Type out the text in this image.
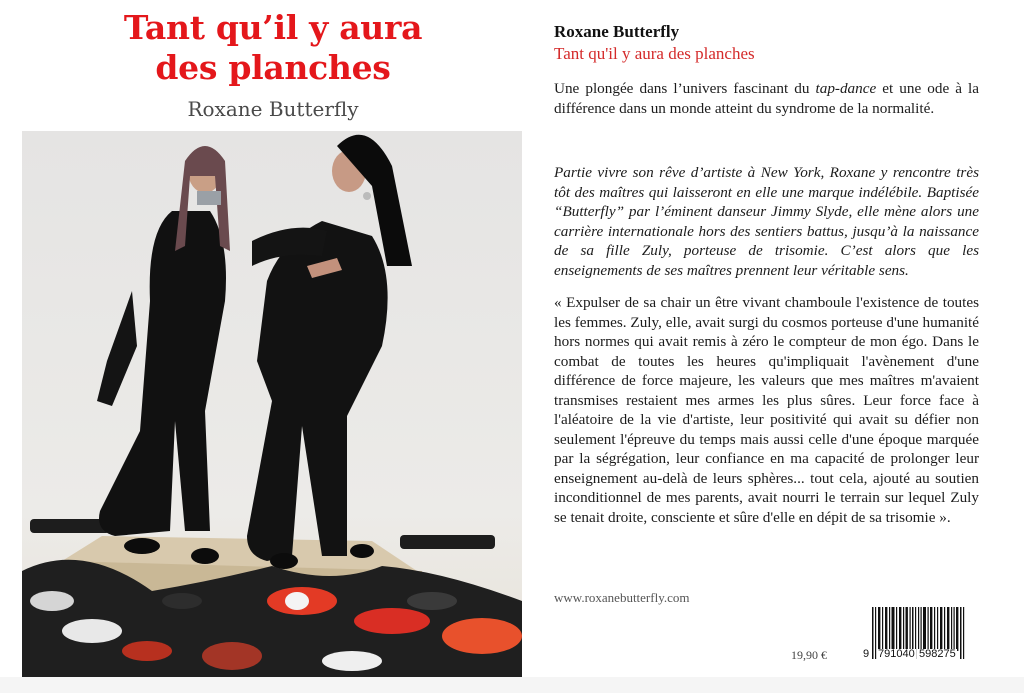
Tant qu’il y aura
des planches
Roxane Butterfly
Roxane Butterfly
Tant qu'il y aura des planches

Une plongée dans l’univers fascinant du tap-dance et une ode à la différence dans un monde atteint du syndrome de la normalité.

Partie vivre son rêve d’artiste à New York, Roxane y rencontre très tôt des maîtres qui laisseront en elle une marque indélébile. Baptisée “Butterfly” par l’éminent danseur Jimmy Slyde, elle mène alors une carrière internationale hors des sentiers battus, jusqu’à la naissance de sa fille Zuly, porteuse de trisomie. C’est alors que les enseignements de ses maîtres prennent leur véritable sens.

« Expulser de sa chair un être vivant chamboule l'existence de toutes les femmes. Zuly, elle, avait surgi du cosmos porteuse d'une humanité hors normes qui avait remis à zéro le compteur de mon égo. Dans le combat de toutes les heures qu'impliquait l'avènement d'une différence de force majeure, les valeurs que mes maîtres m'avaient transmises restaient mes armes les plus sûres. Leur force face à l'aléatoire de la vie d'artiste, leur positivité qui avait su défier non seulement l'épreuve du temps mais aussi celle d'une époque marquée par la ségrégation, leur confiance en ma capacité de prolonger leur enseignement au-delà de leurs sphères... tout cela, ajouté au soutien inconditionnel de mes parents, avait nourri le terrain sur lequel Zuly se tenait droite, consciente et sûre d'elle en dépit de sa trisomie ».

www.roxanebutterfly.com
19,90 €	9 791040 598275
